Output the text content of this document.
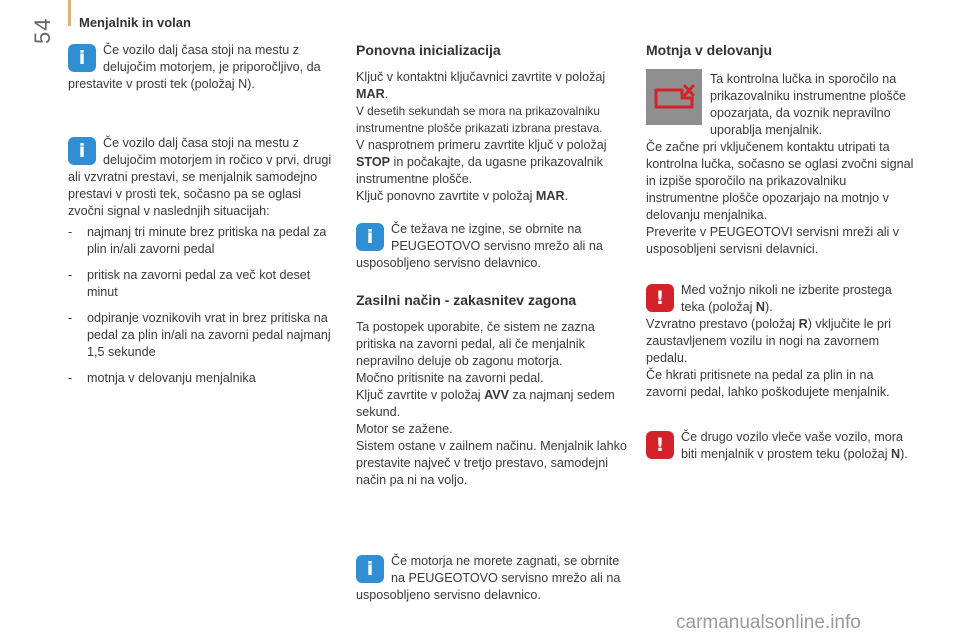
54 Menjalnik in volan
i	Če vozilo dalj časa stoji na mestu z delujočim motorjem, je priporočljivo, da prestavite v prosti tek (položaj N).

i	Če vozilo dalj časa stoji na mestu z delujočim motorjem in ročico v prvi, drugi ali vzvratni prestavi, se menjalnik samodejno prestavi v prosti tek, sočasno pa se oglasi zvočni signal v naslednjih situacijah:

- najmanj tri minute brez pritiska na pedal za plin in/ali zavorni pedal
- pritisk na zavorni pedal za več kot deset minut
- odpiranje voznikovih vrat in brez pritiska na pedal za plin in/ali na zavorni pedal najmanj 1,5 sekunde
- motnja v delovanju menjalnika
Ponovna inicializacija

Ključ v kontaktni ključavnici zavrtite v položaj MAR.

V desetih sekundah se mora na prikazovalniku instrumentne plošče prikazati izbrana prestava.

V nasprotnem primeru zavrtite ključ v položaj STOP in počakajte, da ugasne prikazovalnik instrumentne plošče.

Ključ ponovno zavrtite v položaj MAR.

i	Če težava ne izgine, se obrnite na PEUGEOTOVO servisno mrežo ali na usposobljeno servisno delavnico.

Zasilni način - zakasnitev zagona

Ta postopek uporabite, če sistem ne zazna pritiska na zavorni pedal, ali če menjalnik nepravilno deluje ob zagonu motorja.

Močno pritisnite na zavorni pedal.

Ključ zavrtite v položaj AVV za najmanj sedem sekund.

Motor se zažene.

Sistem ostane v zailnem načinu. Menjalnik lahko prestavite največ v tretjo prestavo, samodejni način pa ni na voljo.

i	Če motorja ne morete zagnati, se obrnite na PEUGEOTOVO servisno mrežo ali na usposobljeno servisno delavnico.

Motnja v delovanju

Ta kontrolna lučka in sporočilo na prikazovalniku instrumentne plošče opozarjata, da voznik nepravilno uporablja menjalnik.

Če začne pri vključenem kontaktu utripati ta kontrolna lučka, sočasno se oglasi zvočni signal in izpiše sporočilo na prikazovalniku instrumentne plošče opozarjajo na motnjo v delovanju menjalnika.

Preverite v PEUGEOTOVI servisni mreži ali v usposobljeni servisni delavnici.

!	Med vožnjo nikoli ne izberite prostega teka (položaj N).

Vzvratno prestavo (položaj R) vključite le pri zaustavljenem vozilu in nogi na zavornem pedalu.

Če hkrati pritisnete na pedal za plin in na zavorni pedal, lahko poškodujete menjalnik.

!	Če drugo vozilo vleče vaše vozilo, mora biti menjalnik v prostem teku (položaj N).

carmanualsonline.info
